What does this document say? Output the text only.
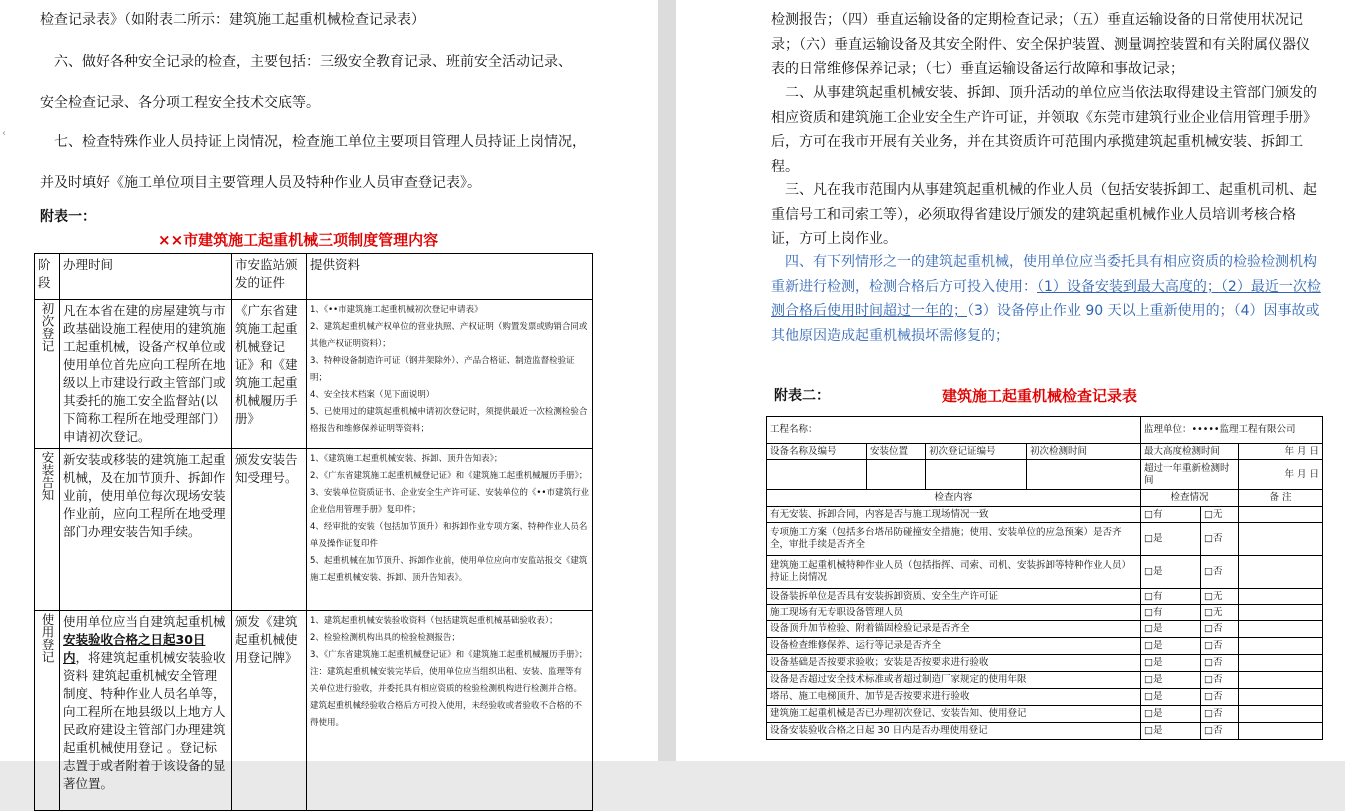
‹
检查记录表》（如附表二所示：建筑施工起重机械检查记录表）
六、做好各种安全记录的检查，主要包括：三级安全教育记录、班前安全活动记录、
安全检查记录、各分项工程安全技术交底等。
七、检查特殊作业人员持证上岗情况，检查施工单位主要项目管理人员持证上岗情况，
并及时填好《施工单位项目主要管理人员及特种作业人员审查登记表》。
附表一：
××市建筑施工起重机械三项制度管理内容
阶段	办理时间	市安监站颁发的证件	提供资料
初次登记	凡在本省在建的房屋建筑与市政基础设施工程使用的建筑施工起重机械，设备产权单位或使用单位首先应向工程所在地级以上市建设行政主管部门或其委托的施工安全监督站(以下简称工程所在地受理部门）申请初次登记。	《广东省建筑施工起重机械登记证》和《建筑施工起重机械履历手册》	1、《••市建筑施工起重机械初次登记申请表》
2、建筑起重机械产权单位的营业执照、产权证明（购置发票或购销合同或其他产权证明资料）；
3、特种设备制造许可证（钢井架除外）、产品合格证、制造监督检验证明；
4、安全技术档案（见下面说明）
5、已使用过的建筑起重机械申请初次登记时，须提供最近一次检测检验合格报告和维修保养证明等资料；

安装告知	新安装或移装的建筑施工起重机械，及在加节顶升、拆卸作业前，使用单位每次现场安装作业前，应向工程所在地受理部门办理安装告知手续。	颁发安装告知受理号。	1、《建筑施工起重机械安装、拆卸、顶升告知表》；
2、《广东省建筑施工起重机械登记证》和《建筑施工起重机械履历手册》；
3、安装单位资质证书、企业安全生产许可证、安装单位的《••市建筑行业企业信用管理手册》复印件；
4、经审批的安装（包括加节顶升）和拆卸作业专项方案、特种作业人员名单及操作证复印件
5、起重机械在加节顶升、拆卸作业前，使用单位应向市安监站报交《建筑施工起重机械安装、拆卸、顶升告知表》。

使用登记	使用单位应当自建筑起重机械安装验收合格之日起30日内，将建筑起重机械安装验收资料 建筑起重机械安全管理制度、特种作业人员名单等，向工程所在地县级以上地方人民政府建设主管部门办理建筑起重机械使用登记 。登记标志置于或者附着于该设备的显著位置。	颁发《建筑起重机械使用登记牌》	1、建筑起重机械安装验收资料（包括建筑起重机械基础验收表）；
2、检验检测机构出具的检验检测报告；
3、《广东省建筑施工起重机械登记证》和《建筑施工起重机械履历手册》；
注：建筑起重机械安装完毕后，使用单位应当组织出租、安装、监理等有关单位进行验收，并委托具有相应资质的检验检测机构进行检测并合格。建筑起重机械经验收合格后方可投入使用，未经验收或者验收不合格的不得使用。
检测报告；（四）垂直运输设备的定期检查记录；（五）垂直运输设备的日常使用状况记录；（六）垂直运输设备及其安全附件、安全保护装置、测量调控装置和有关附属仪器仪表的日常维修保养记录；（七）垂直运输设备运行故障和事故记录；
二、从事建筑起重机械安装、拆卸、顶升活动的单位应当依法取得建设主管部门颁发的相应资质和建筑施工企业安全生产许可证，并领取《东莞市建筑行业企业信用管理手册》后，方可在我市开展有关业务，并在其资质许可范围内承揽建筑起重机械安装、拆卸工程。
三、凡在我市范围内从事建筑起重机械的作业人员（包括安装拆卸工、起重机司机、起重信号工和司索工等），必须取得省建设厅颁发的建筑起重机械作业人员培训考核合格证，方可上岗作业。
四、有下列情形之一的建筑起重机械，使用单位应当委托具有相应资质的检验检测机构重新进行检测，检测合格后方可投入使用：（1）设备安装到最大高度的；（2）最近一次检测合格后使用时间超过一年的；（3）设备停止作业 90 天以上重新使用的；（4）因事故或其他原因造成起重机械损坏需修复的；
附表二：	建筑施工起重机械检查记录表
工程名称：				监理单位：•••••监理工程有限公司		
设备名称及编号	安装位置	初次登记证编号	初次检测时间	最大高度检测时间		年 月 日
				超过一年重新检测时间		年 月 日
检查内容				检查情况		备 注
有无安装、拆卸合同，内容是否与施工现场情况一致				□有	□无	
专项施工方案（包括多台塔吊防碰撞安全措施；使用、安装单位的应急预案）是否齐全，审批手续是否齐全				□是	□否	
建筑施工起重机械特种作业人员（包括指挥、司索、司机、安装拆卸等特种作业人员）持证上岗情况				□是	□否	
设备装拆单位是否具有安装拆卸资质、安全生产许可证				□有	□无	
施工现场有无专职设备管理人员				□有	□无	
设备顶升加节检验、附着锚固检验记录是否齐全				□是	□否	
设备检查维修保养、运行等记录是否齐全				□是	□否	
设备基础是否按要求验收；安装是否按要求进行验收				□是	□否	
设备是否超过安全技术标准或者超过制造厂家规定的使用年限				□是	□否	
塔吊、施工电梯顶升、加节是否按要求进行验收				□是	□否	
建筑施工起重机械是否已办理初次登记、安装告知、使用登记				□是	□否	
设备安装验收合格之日起 30 日内是否办理使用登记				□是	□否	
